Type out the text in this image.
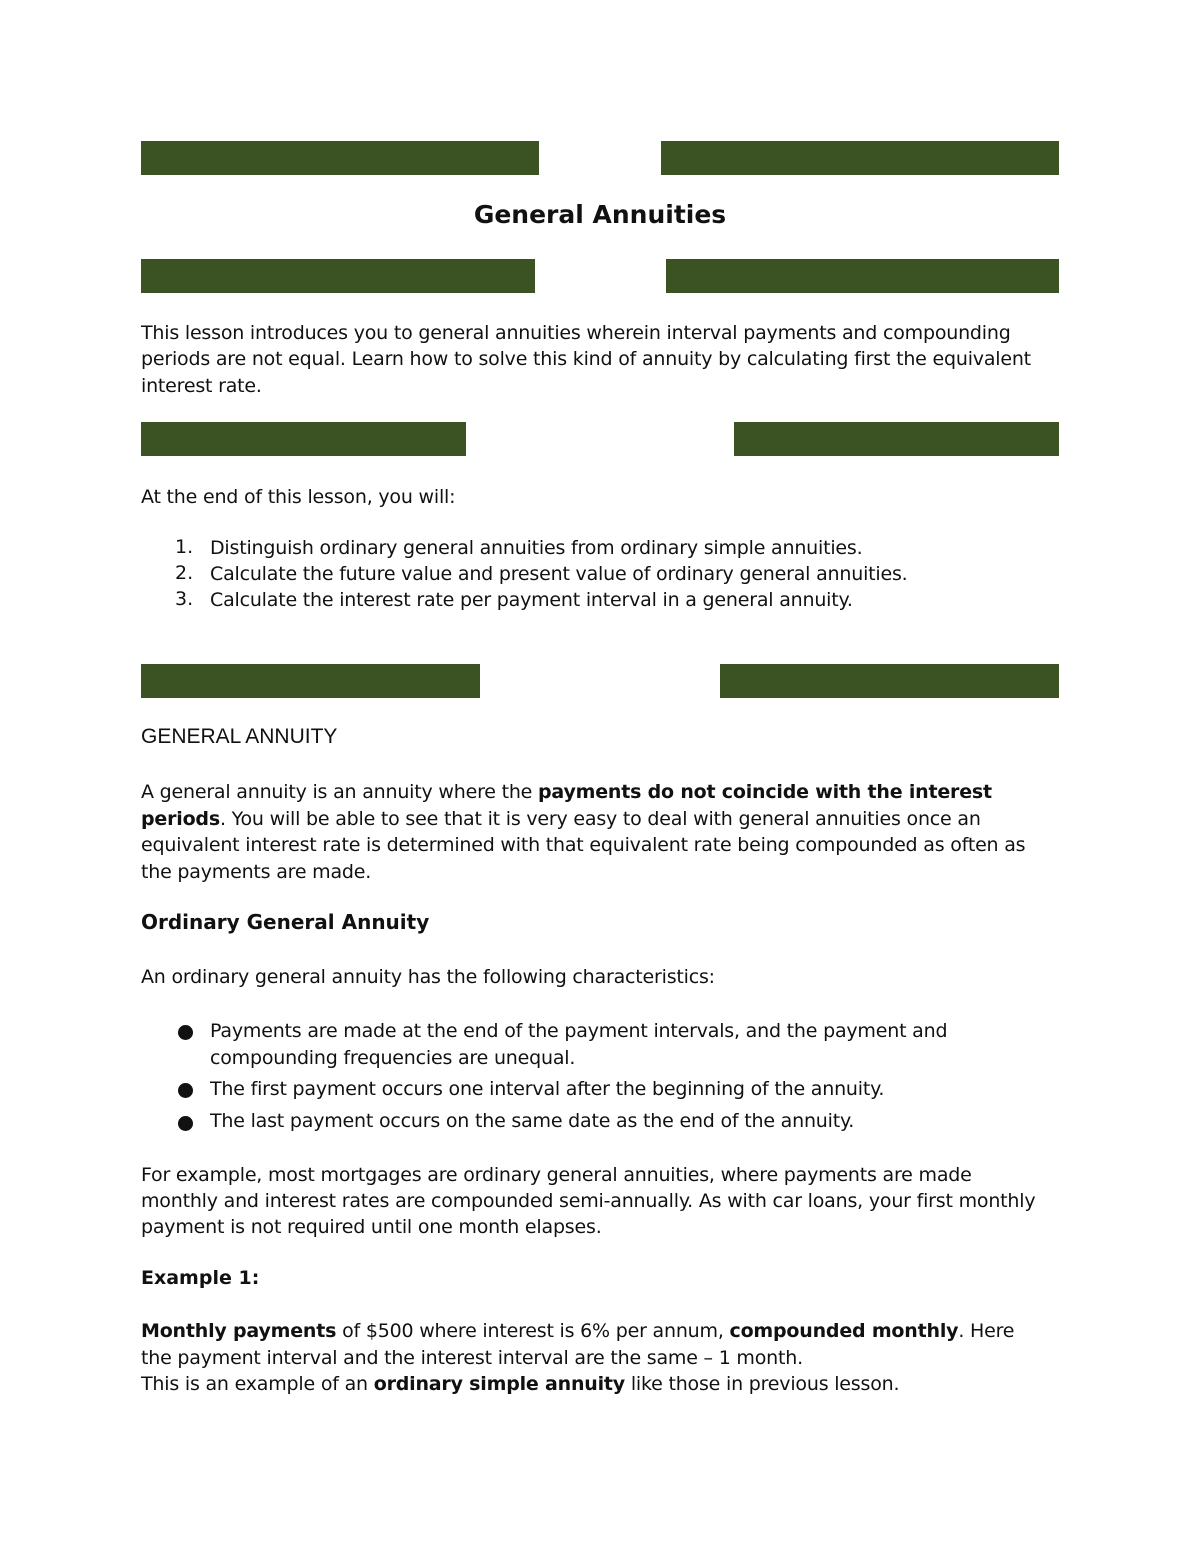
General Annuities
This lesson introduces you to general annuities wherein interval payments and compounding
periods are not equal. Learn how to solve this kind of annuity by calculating first the equivalent
interest rate.
At the end of this lesson, you will:
1. Distinguish ordinary general annuities from ordinary simple annuities.
2. Calculate the future value and present value of ordinary general annuities.
3. Calculate the interest rate per payment interval in a general annuity.
GENERAL ANNUITY
A general annuity is an annuity where the payments do not coincide with the interest
periods. You will be able to see that it is very easy to deal with general annuities once an
equivalent interest rate is determined with that equivalent rate being compounded as often as
the payments are made.
Ordinary General Annuity
An ordinary general annuity has the following characteristics:
Payments are made at the end of the payment intervals, and the payment and
compounding frequencies are unequal.
The first payment occurs one interval after the beginning of the annuity.
The last payment occurs on the same date as the end of the annuity.
For example, most mortgages are ordinary general annuities, where payments are made
monthly and interest rates are compounded semi-annually. As with car loans, your first monthly
payment is not required until one month elapses.
Example 1:
Monthly payments of $500 where interest is 6% per annum, compounded monthly. Here
the payment interval and the interest interval are the same – 1 month.
This is an example of an ordinary simple annuity like those in previous lesson.
